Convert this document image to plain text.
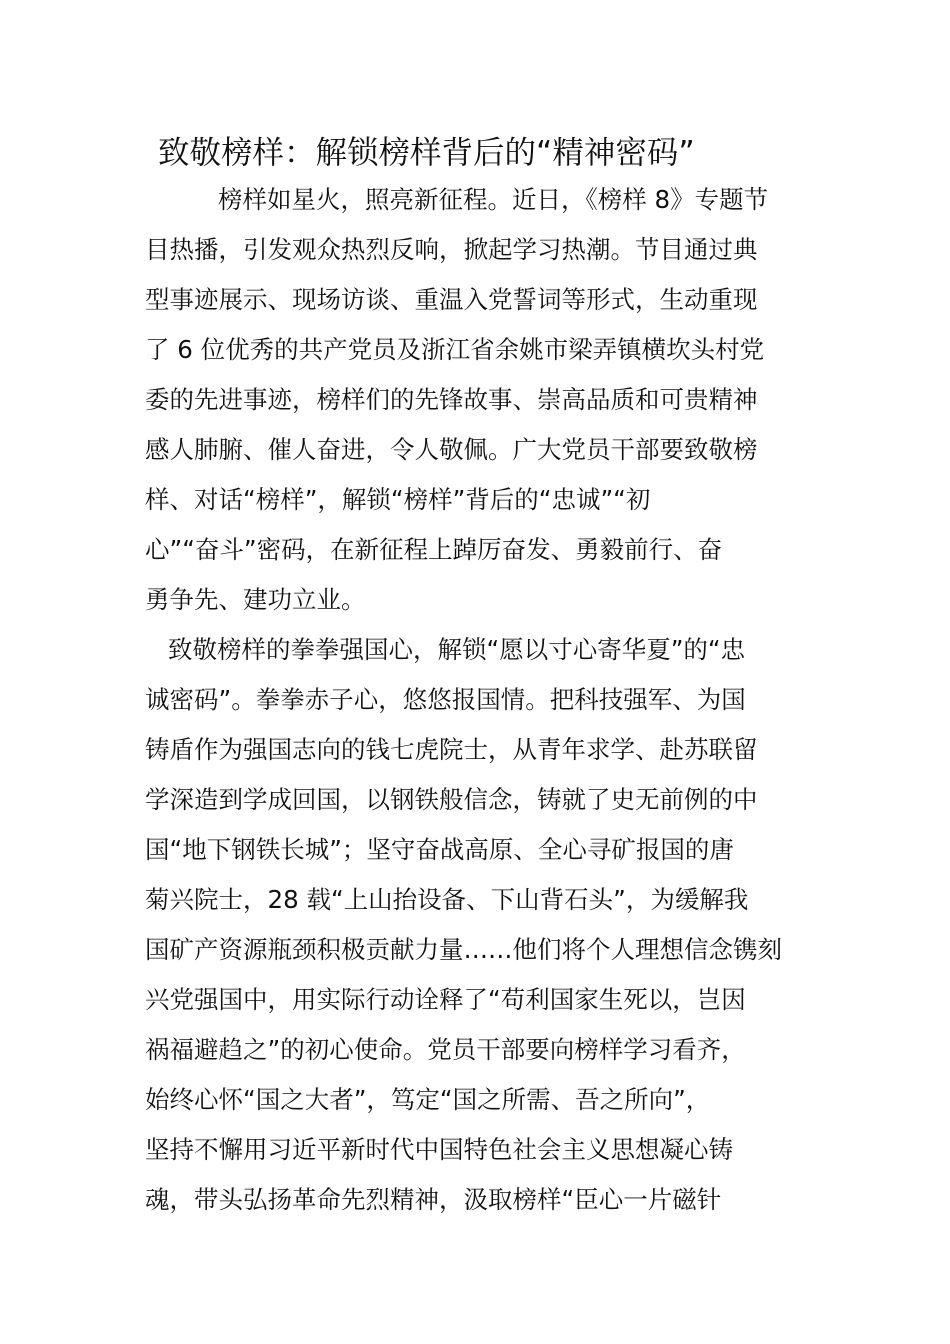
致敬榜样：解锁榜样背后的“精神密码”

榜样如星火，照亮新征程。近日，《榜样 8》专题节

目热播，引发观众热烈反响，掀起学习热潮。节目通过典

型事迹展示、现场访谈、重温入党誓词等形式，生动重现

了 6 位优秀的共产党员及浙江省余姚市梁弄镇横坎头村党

委的先进事迹，榜样们的先锋故事、崇高品质和可贵精神

感人肺腑、催人奋进，令人敬佩。广大党员干部要致敬榜

样、对话“榜样”，解锁“榜样”背后的“忠诚”“初

心”“奋斗”密码，在新征程上踔厉奋发、勇毅前行、奋

勇争先、建功立业。

致敬榜样的拳拳强国心，解锁“愿以寸心寄华夏”的“忠

诚密码”。拳拳赤子心，悠悠报国情。把科技强军、为国

铸盾作为强国志向的钱七虎院士，从青年求学、赴苏联留

学深造到学成回国，以钢铁般信念，铸就了史无前例的中

国“地下钢铁长城”；坚守奋战高原、全心寻矿报国的唐

菊兴院士，28 载“上山抬设备、下山背石头”，为缓解我

国矿产资源瓶颈积极贡献力量……他们将个人理想信念镌刻

兴党强国中，用实际行动诠释了“苟利国家生死以，岂因

祸福避趋之”的初心使命。党员干部要向榜样学习看齐，

始终心怀“国之大者”，笃定“国之所需、吾之所向”，

坚持不懈用习近平新时代中国特色社会主义思想凝心铸

魂，带头弘扬革命先烈精神，汲取榜样“臣心一片磁针
